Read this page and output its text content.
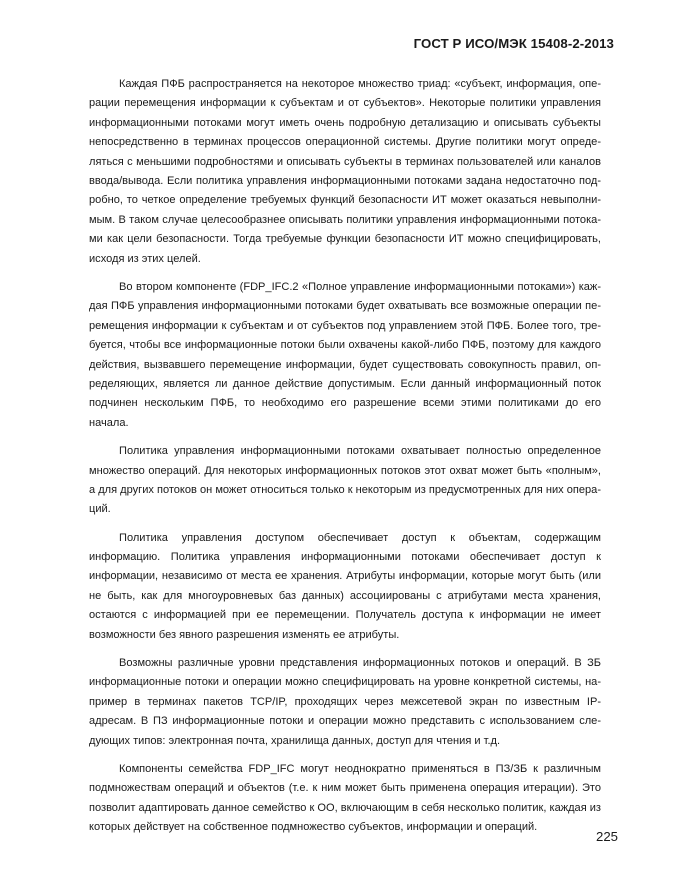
ГОСТ Р ИСО/МЭК 15408-2-2013

Каждая ПФБ распространяется на некоторое множество триад: «субъект, информация, операции перемещения информации к субъектам и от субъектов». Некоторые политики управления информационными потоками могут иметь очень подробную детализацию и описывать субъекты непосредственно в терминах процессов операционной системы. Другие политики могут определяться с меньшими подробностями и описывать субъекты в терминах пользователей или каналов ввода/вывода. Если политика управления информационными потоками задана недостаточно подробно, то четкое определение требуемых функций безопасности ИТ может оказаться невыполнимым. В таком случае целесообразнее описывать политики управления информационными потоками как цели безопасности. Тогда требуемые функции безопасности ИТ можно специфицировать, исходя из этих целей.

Во втором компоненте (FDP_IFC.2 «Полное управление информационными потоками») каждая ПФБ управления информационными потоками будет охватывать все возможные операции перемещения информации к субъектам и от субъектов под управлением этой ПФБ. Более того, требуется, чтобы все информационные потоки были охвачены какой-либо ПФБ, поэтому для каждого действия, вызвавшего перемещение информации, будет существовать совокупность правил, определяющих, является ли данное действие допустимым. Если данный информационный поток подчинен нескольким ПФБ, то необходимо его разрешение всеми этими политиками до его начала.

Политика управления информационными потоками охватывает полностью определенное множество операций. Для некоторых информационных потоков этот охват может быть «полным», а для других потоков он может относиться только к некоторым из предусмотренных для них операций.

Политика управления доступом обеспечивает доступ к объектам, содержащим информацию. Политика управления информационными потоками обеспечивает доступ к информации, независимо от места ее хранения. Атрибуты информации, которые могут быть (или не быть, как для многоуровневых баз данных) ассоциированы с атрибутами места хранения, остаются с информацией при ее перемещении. Получатель доступа к информации не имеет возможности без явного разрешения изменять ее атрибуты.

Возможны различные уровни представления информационных потоков и операций. В ЗБ информационные потоки и операции можно специфицировать на уровне конкретной системы, например в терминах пакетов TCP/IP, проходящих через межсетевой экран по известным IP-адресам. В ПЗ информационные потоки и операции можно представить с использованием следующих типов: электронная почта, хранилища данных, доступ для чтения и т.д.

Компоненты семейства FDP_IFC могут неоднократно применяться в ПЗ/ЗБ к различным подмножествам операций и объектов (т.е. к ним может быть применена операция итерации). Это позволит адаптировать данное семейство к ОО, включающим в себя несколько политик, каждая из которых действует на собственное подмножество субъектов, информации и операций.

225
